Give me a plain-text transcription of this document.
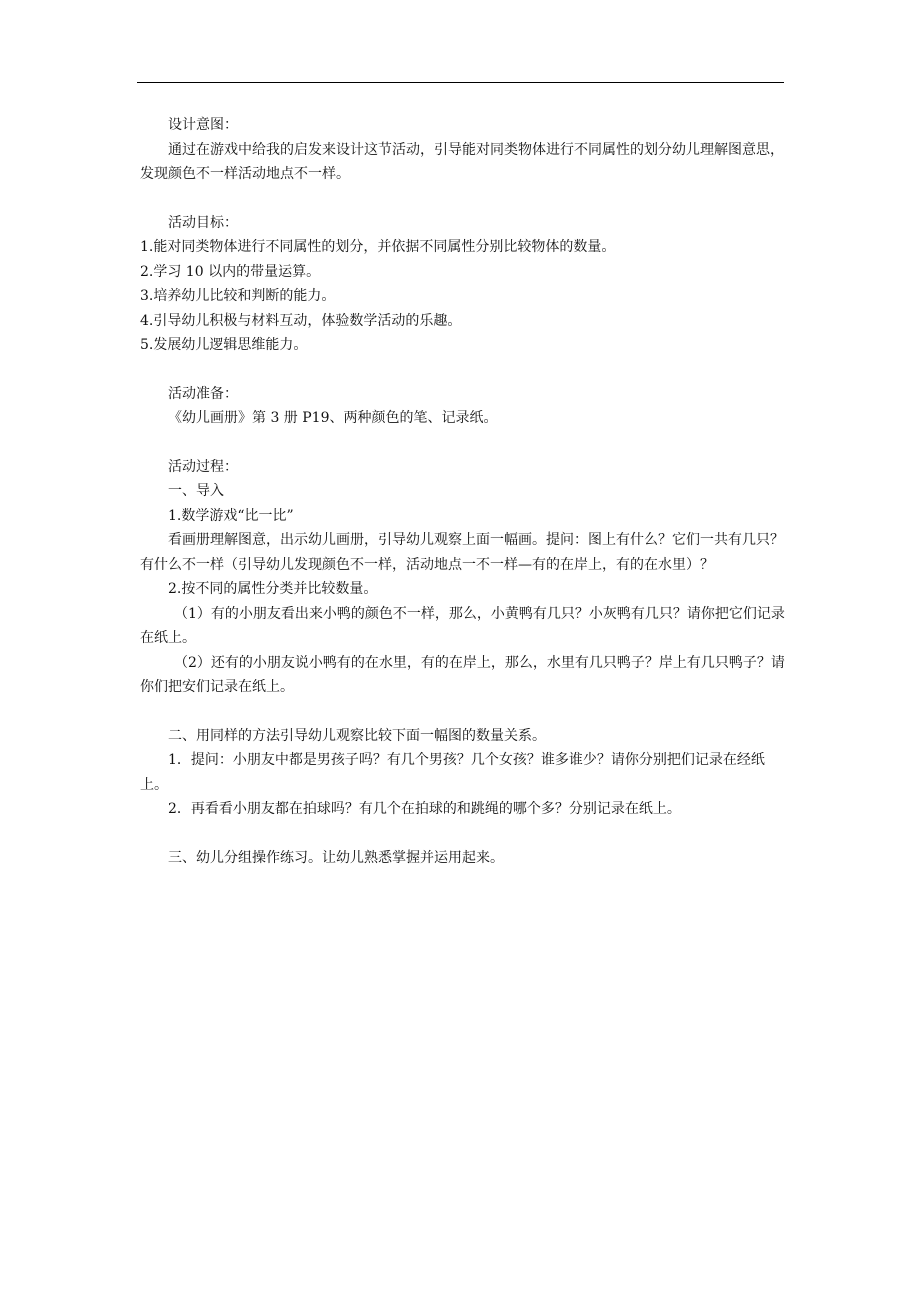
设计意图：

通过在游戏中给我的启发来设计这节活动，引导能对同类物体进行不同属性的划分幼儿理解图意思，发现颜色不一样活动地点不一样。

活动目标：

1.能对同类物体进行不同属性的划分，并依据不同属性分别比较物体的数量。

2.学习 10 以内的带量运算。

3.培养幼儿比较和判断的能力。

4.引导幼儿积极与材料互动，体验数学活动的乐趣。

5.发展幼儿逻辑思维能力。

活动准备：

《幼儿画册》第 3 册 P19、两种颜色的笔、记录纸。

活动过程：

一、导入

1.数学游戏“比一比”

看画册理解图意，出示幼儿画册，引导幼儿观察上面一幅画。提问：图上有什么？它们一共有几只？有什么不一样（引导幼儿发现颜色不一样，活动地点一不一样—有的在岸上，有的在水里）？

2.按不同的属性分类并比较数量。

（1）有的小朋友看出来小鸭的颜色不一样，那么，小黄鸭有几只？小灰鸭有几只？请你把它们记录在纸上。

（2）还有的小朋友说小鸭有的在水里，有的在岸上，那么，水里有几只鸭子？岸上有几只鸭子？请你们把安们记录在纸上。

二、用同样的方法引导幼儿观察比较下面一幅图的数量关系。

1．提问：小朋友中都是男孩子吗？有几个男孩？几个女孩？谁多谁少？请你分别把们记录在经纸上。

2．再看看小朋友都在拍球吗？有几个在拍球的和跳绳的哪个多？分别记录在纸上。

三、幼儿分组操作练习。让幼儿熟悉掌握并运用起来。
